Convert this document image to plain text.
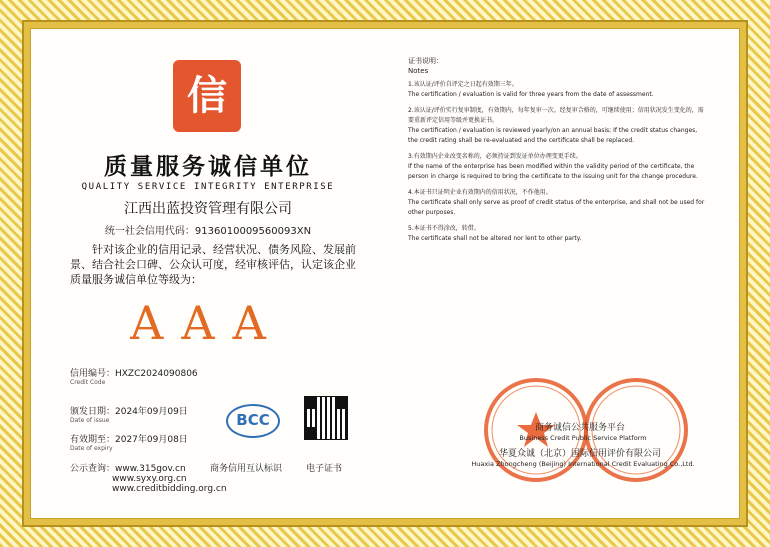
信
质量服务诚信单位
QUALITY SERVICE INTEGRITY ENTERPRISE
江西出蓝投资管理有限公司
统一社会信用代码：9136010009560093XN
针对该企业的信用记录、经营状况、债务风险、发展前景、结合社会口碑、公众认可度，经审核评估，认定该企业质量服务诚信单位等级为：
AAA
信用编号：HXZC2024090806
Credit Code
颁发日期：2024年09月09日
Date of issue
有效期至：2027年09月08日
Date of expiry
公示查询：www.315gov.cn
www.syxy.org.cn
www.creditbidding.org.cn
BCC
商务信用互认标识	电子证书
证书说明：
Notes
1.该认证/评价自评定之日起有效期三年。
The certification / evaluation is valid for three years from the date of assessment.
2.该认证/评价实行复审制度，有效期内，每年复审一次。经复审合格的，可继续使用；信用状况发生变化的，需要重新评定信用等级并更换证书。
The certification / evaluation is reviewed yearly/on an annual basis; If the credit status changes, the credit rating shall be re-evaluated and the certificate shall be replaced.
3.有效期内企业改变名称的，必须持证到发证单位办理变更手续。
If the name of the enterprise has been modified within the validity period of the certificate, the person in charge is required to bring the certificate to the issuing unit for the change procedure.
4.本证书只证明企业有效期内的信用状况，不作他用。
The certificate shall only serve as proof of credit status of the enterprise, and shall not be used for other purposes.
5.本证书不得涂改，转借。
The certificate shall not be altered nor lent to other party.
商务诚信公共服务平台
Business Credit Public Service Platform
华夏众诚（北京）国际信用评价有限公司
Huaxia Zhongcheng (Beijing) International Credit Evaluating Co.,Ltd.
